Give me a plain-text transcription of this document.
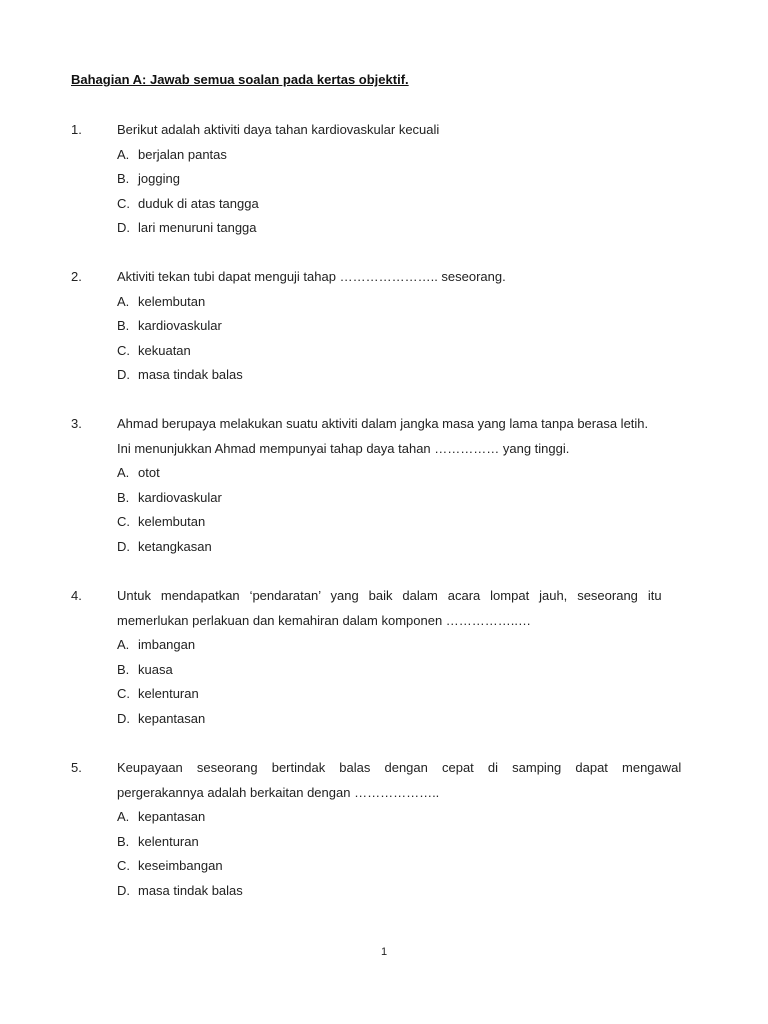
Bahagian A: Jawab semua soalan pada kertas objektif.
1.	Berikut adalah aktiviti daya tahan kardiovaskular kecuali
A. berjalan pantas
B. jogging
C. duduk di atas tangga
D. lari menuruni tangga
2.	Aktiviti tekan tubi dapat menguji tahap ………………….. seseorang.
A. kelembutan
B. kardiovaskular
C. kekuatan
D. masa tindak balas
3.	Ahmad berupaya melakukan suatu aktiviti dalam jangka masa yang lama tanpa berasa letih.
Ini menunjukkan Ahmad mempunyai tahap daya tahan …………… yang tinggi.
A. otot
B. kardiovaskular
C. kelembutan
D. ketangkasan
4.	Untuk mendapatkan ‘pendaratan’ yang baik dalam acara lompat jauh, seseorang itu
memerlukan perlakuan dan kemahiran dalam komponen ……………..…
A. imbangan
B. kuasa
C. kelenturan
D. kepantasan
5.	Keupayaan seseorang bertindak balas dengan cepat di samping dapat mengawal
pergerakannya adalah berkaitan dengan ………………..
A. kepantasan
B. kelenturan
C. keseimbangan
D. masa tindak balas
1
